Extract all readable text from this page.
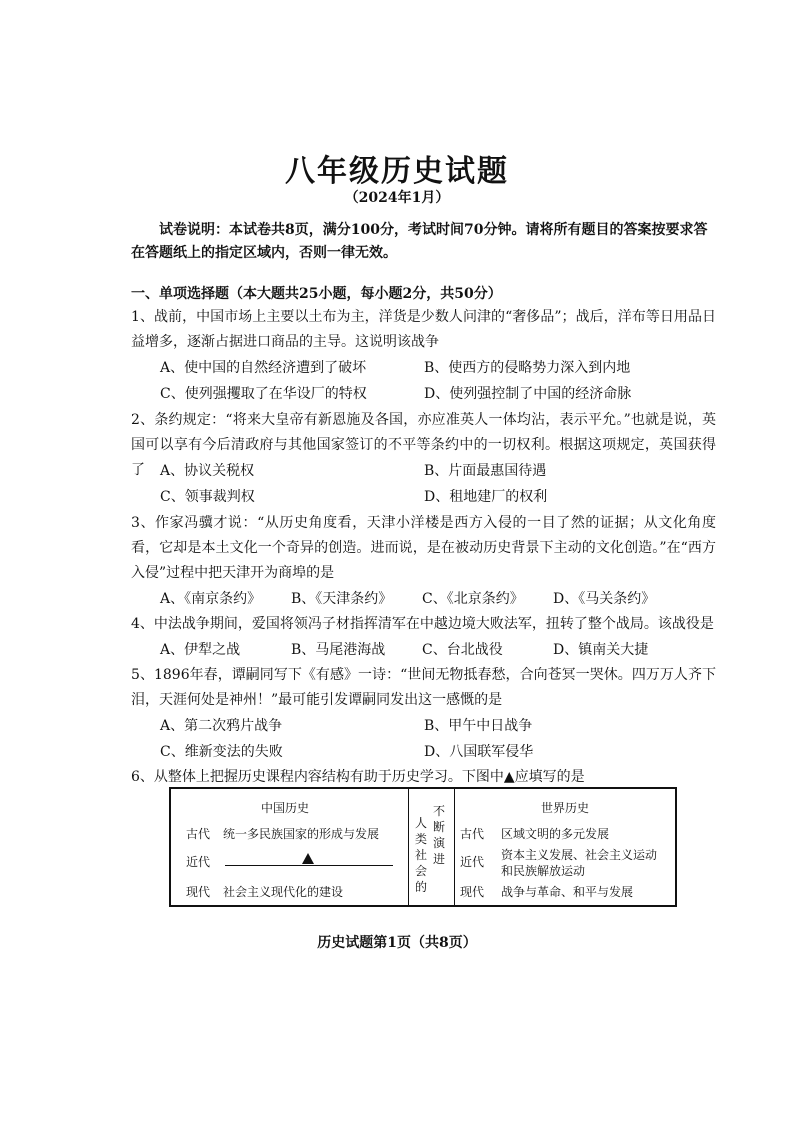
八年级历史试题
（2024年1月）
试卷说明：本试卷共8页，满分100分，考试时间70分钟。请将所有题目的答案按要求答在答题纸上的指定区域内，否则一律无效。
一、单项选择题（本大题共25小题，每小题2分，共50分）
1、战前，中国市场上主要以土布为主，洋货是少数人问津的“奢侈品”；战后，洋布等日用品日益增多，逐渐占据进口商品的主导。这说明该战争
A、使中国的自然经济遭到了破坏	B、使西方的侵略势力深入到内地
C、使列强攫取了在华设厂的特权	D、使列强控制了中国的经济命脉
2、条约规定：“将来大皇帝有新恩施及各国，亦应准英人一体均沾，表示平允。”也就是说，英国可以享有今后清政府与其他国家签订的不平等条约中的一切权利。根据这项规定，英国获得了	A、协议关税权	B、片面最惠国待遇
C、领事裁判权	D、租地建厂的权利
3、作家冯骥才说：“从历史角度看，天津小洋楼是西方入侵的一目了然的证据；从文化角度看，它却是本土文化一个奇异的创造。进而说，是在被动历史背景下主动的文化创造。”在“西方入侵”过程中把天津开为商埠的是
A、《南京条约》 B、《天津条约》 C、《北京条约》 D、《马关条约》
4、中法战争期间，爱国将领冯子材指挥清军在中越边境大败法军，扭转了整个战局。该战役是
A、伊犁之战	B、马尾港海战	C、台北战役	D、镇南关大捷
5、1896年春，谭嗣同写下《有感》一诗：“世间无物抵春愁，合向苍冥一哭休。四万万人齐下泪，天涯何处是神州！”最可能引发谭嗣同发出这一感慨的是
A、第二次鸦片战争	B、甲午中日战争
C、维新变法的失败	D、八国联军侵华
6、从整体上把握历史课程内容结构有助于历史学习。下图中▲应填写的是
中国历史
古代 统一多民族国家的形成与发展
近代
现代 社会主义现代化的建设
人
类
社
会
的
不
断
演
进
世界历史
古代 区域文明的多元发展
近代 资本主义发展、社会主义运动
和民族解放运动
现代 战争与革命、和平与发展
历史试题第1页（共8页）
